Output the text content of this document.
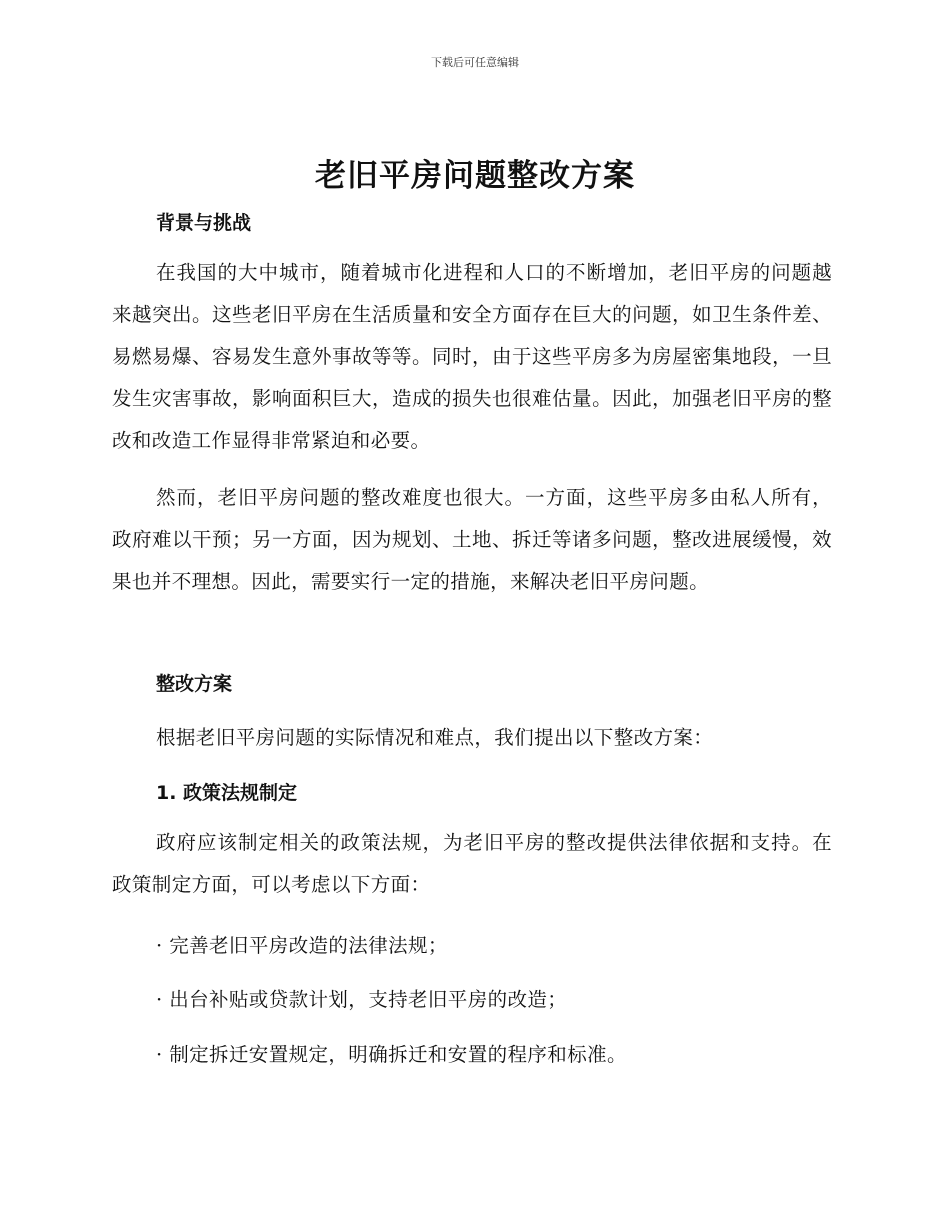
下载后可任意编辑
老旧平房问题整改方案
背景与挑战

在我国的大中城市，随着城市化进程和人口的不断增加，老旧平房的问题越来越突出。这些老旧平房在生活质量和安全方面存在巨大的问题，如卫生条件差、易燃易爆、容易发生意外事故等等。同时，由于这些平房多为房屋密集地段，一旦发生灾害事故，影响面积巨大，造成的损失也很难估量。因此，加强老旧平房的整改和改造工作显得非常紧迫和必要。

然而，老旧平房问题的整改难度也很大。一方面，这些平房多由私人所有，政府难以干预；另一方面，因为规划、土地、拆迁等诸多问题，整改进展缓慢，效果也并不理想。因此，需要实行一定的措施，来解决老旧平房问题。

整改方案

根据老旧平房问题的实际情况和难点，我们提出以下整改方案：

1. 政策法规制定

政府应该制定相关的政策法规，为老旧平房的整改提供法律依据和支持。在政策制定方面，可以考虑以下方面：

· 完善老旧平房改造的法律法规；

· 出台补贴或贷款计划，支持老旧平房的改造；

· 制定拆迁安置规定，明确拆迁和安置的程序和标准。
